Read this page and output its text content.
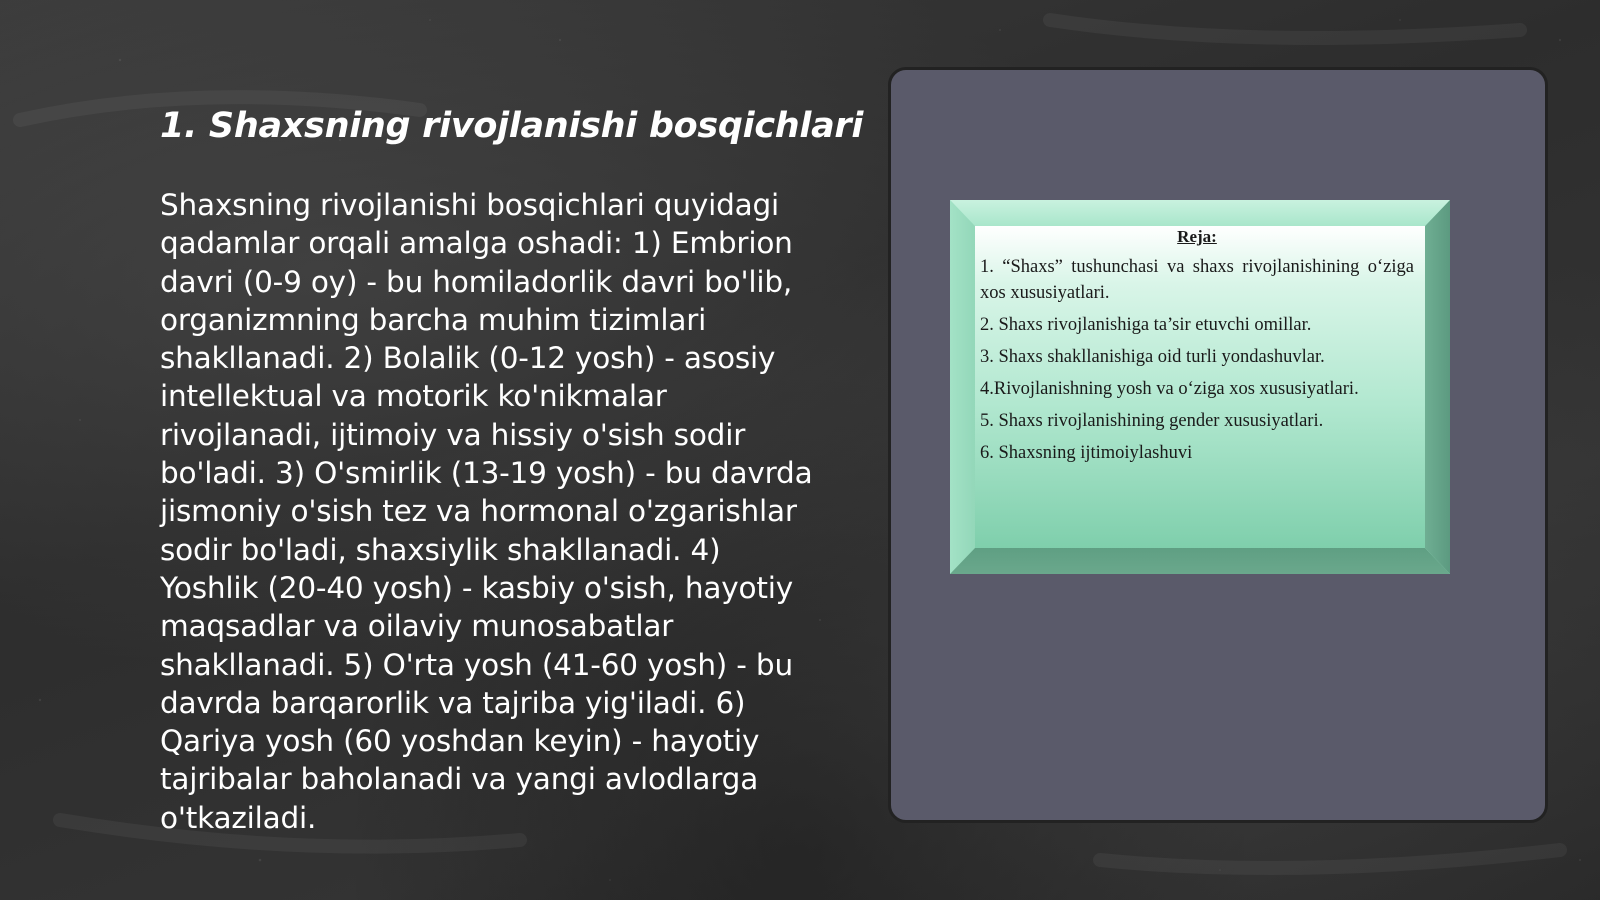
1. Shaxsning rivojlanishi bosqichlari

Shaxsning rivojlanishi bosqichlari quyidagi qadamlar orqali amalga oshadi: 1) Embrion davri (0-9 oy) - bu homiladorlik davri bo'lib, organizmning barcha muhim tizimlari shakllanadi. 2) Bolalik (0-12 yosh) - asosiy intellektual va motorik ko'nikmalar rivojlanadi, ijtimoiy va hissiy o'sish sodir bo'ladi. 3) O'smirlik (13-19 yosh) - bu davrda jismoniy o'sish tez va hormonal o'zgarishlar sodir bo'ladi, shaxsiylik shakllanadi. 4) Yoshlik (20-40 yosh) - kasbiy o'sish, hayotiy maqsadlar va oilaviy munosabatlar shakllanadi. 5) O'rta yosh (41-60 yosh) - bu davrda barqarorlik va tajriba yig'iladi. 6) Qariya yosh (60 yoshdan keyin) - hayotiy tajribalar baholanadi va yangi avlodlarga o'tkaziladi.

Reja:
1. “Shaxs” tushunchasi va shaxs rivojlanishining o‘ziga xos xususiyatlari.
2. Shaxs rivojlanishiga ta’sir etuvchi omillar.
3. Shaxs shakllanishiga oid turli yondashuvlar.
4.Rivojlanishning yosh va o‘ziga xos xususiyatlari.
5. Shaxs rivojlanishining gender xususiyatlari.
6. Shaxsning ijtimoiylashuvi
